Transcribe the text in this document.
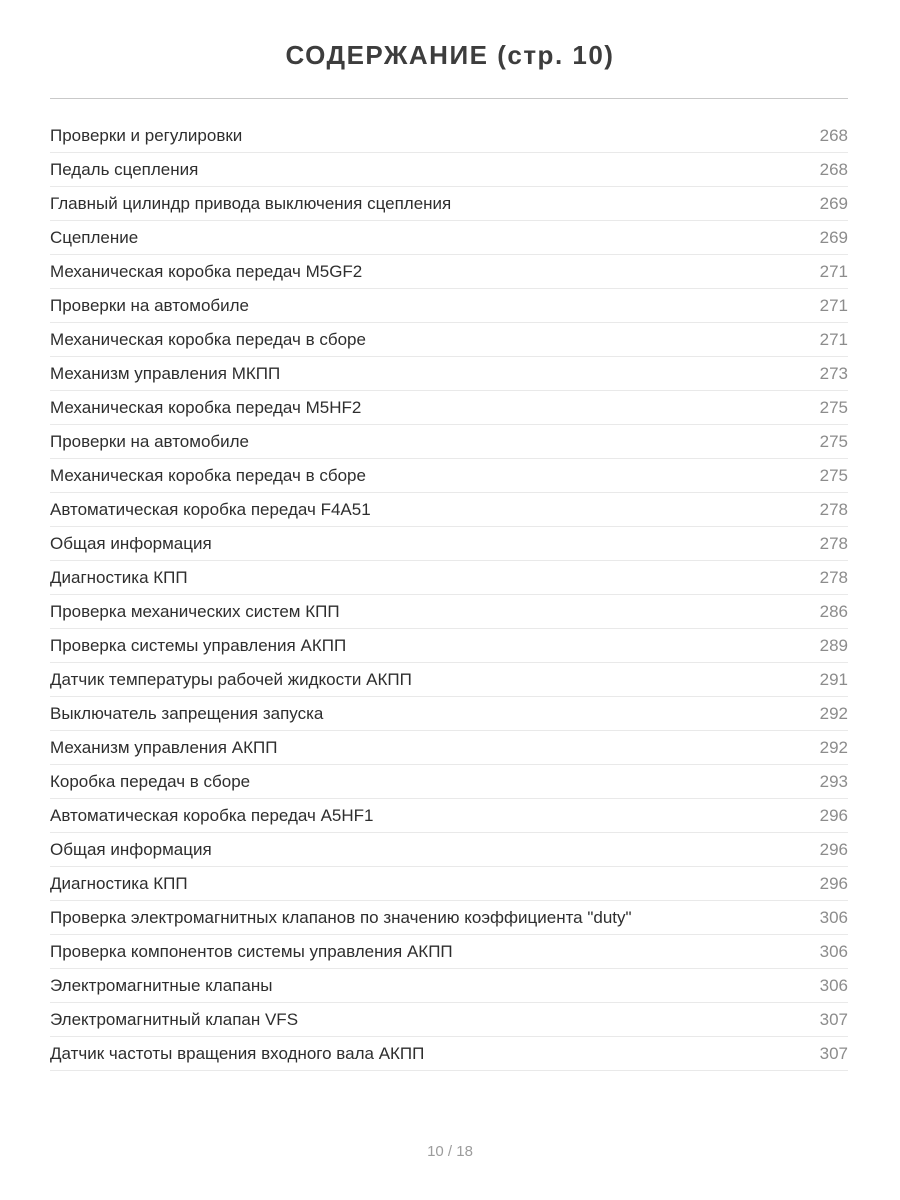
СОДЕРЖАНИЕ (стр. 10)
Проверки и регулировки	268
Педаль сцепления	268
Главный цилиндр привода выключения сцепления	269
Сцепление	269
Механическая коробка передач M5GF2	271
Проверки на автомобиле	271
Механическая коробка передач в сборе	271
Механизм управления МКПП	273
Механическая коробка передач M5HF2	275
Проверки на автомобиле	275
Механическая коробка передач в сборе	275
Автоматическая коробка передач F4A51	278
Общая информация	278
Диагностика КПП	278
Проверка механических систем КПП	286
Проверка системы управления АКПП	289
Датчик температуры рабочей жидкости АКПП	291
Выключатель запрещения запуска	292
Механизм управления АКПП	292
Коробка передач в сборе	293
Автоматическая коробка передач A5HF1	296
Общая информация	296
Диагностика КПП	296
Проверка электромагнитных клапанов по значению коэффициента "duty"	306
Проверка компонентов системы управления АКПП	306
Электромагнитные клапаны	306
Электромагнитный клапан VFS	307
Датчик частоты вращения входного вала АКПП	307
10 / 18
